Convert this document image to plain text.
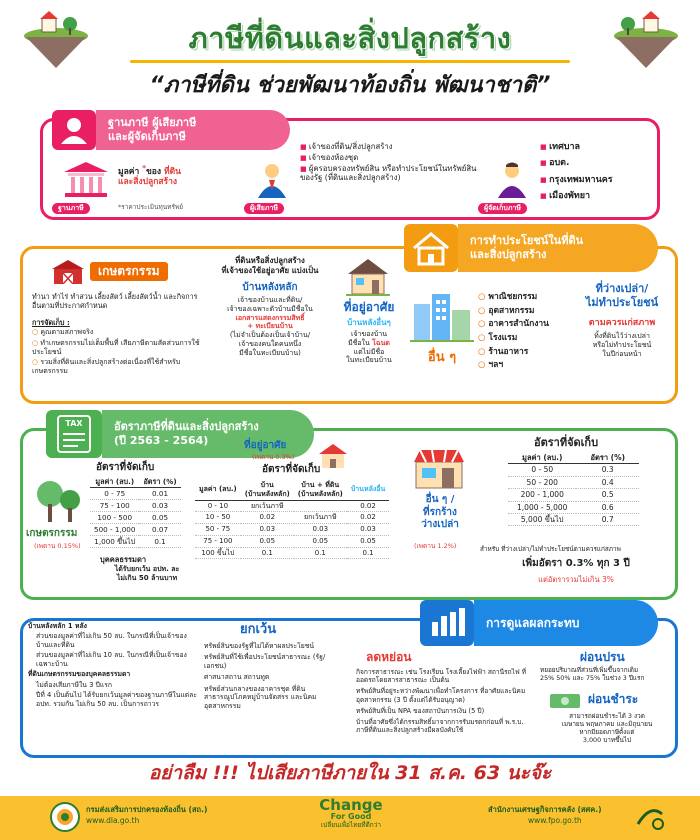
ภาษีที่ดินและสิ่งปลูกสร้าง
“ภาษีที่ดิน ช่วยพัฒนาท้องถิ่น พัฒนาชาติ”
ฐานภาษี ผู้เสียภาษี
และผู้จัดเก็บภาษี
ฐานภาษี
มูลค่า *ของ ที่ดิน
และสิ่งปลูกสร้าง
*ราคาประเมินทุนทรัพย์	ผู้เสียภาษี
■ เจ้าของที่ดิน/สิ่งปลูกสร้าง
■ เจ้าของห้องชุด
■ ผู้ครอบครองทรัพย์สิน หรือทำประโยชน์ในทรัพย์สิน ของรัฐ (ที่ดินและสิ่งปลูกสร้าง)
ผู้จัดเก็บภาษี
■ เทศบาล
■ อบต.
■ กรุงเทพมหานคร
■ เมืองพัทยา
การทำประโยชน์ในที่ดิน
และสิ่งปลูกสร้าง
เกษตรกรรม
ทำนา ทำไร่ ทำสวน เลี้ยงสัตว์ เลี้ยงสัตว์น้ำ และกิจการอื่นตามที่ประกาศกำหนด
การจัดเก็บ :
○ คูณตามสภาพจริง
○ ทำเกษตรกรรมไม่เต็มพื้นที่ เสียภาษีตามสัดส่วนการใช้ประโยชน์
○ รวมสิ่งที่ดินและสิ่งปลูกสร้างต่อเนื่องที่ใช้สำหรับเกษตรกรรม
ที่ดินหรือสิ่งปลูกสร้าง
ที่เจ้าของใช้อยู่อาศัย แบ่งเป็น
บ้านหลังหลัก
เจ้าของบ้านและที่ดิน/
เจ้าของเฉพาะตัวบ้านมีชื่อใน
เอกสารแสดงกรรมสิทธิ์
+ ทะเบียนบ้าน
(ไม่จำเป็นต้องเป็นเจ้าบ้าน/
เจ้าของคนใดคนหนึ่ง
มีชื่อในทะเบียนบ้าน)
ที่อยู่อาศัย
บ้านหลังอื่นๆ
เจ้าของบ้าน
มีชื่อใน โฉนด
แต่ไม่มีชื่อ
ในทะเบียนบ้าน	อื่น ๆ
○ พาณิชยกรรม
○ อุตสาหกรรม
○ อาคารสำนักงาน
○ โรงแรม
○ ร้านอาหาร
○ ฯลฯ
ที่ว่างเปล่า/
ไม่ทำประโยชน์
ตามควรแก่สภาพ
ทิ้งที่ดินไว้ว่างเปล่า
หรือไม่ทำประโยชน์
ในปีก่อนหน้า
TAX	อัตราภาษีที่ดินและสิ่งปลูกสร้าง
(ปี 2563 - 2564)
อัตราที่จัดเก็บ
มูลค่า (ลบ.)	อัตรา (%)
0 - 75	0.01
75 - 100	0.03
100 - 500	0.05
500 - 1,000	0.07
1,000 ขึ้นไป	0.1
เกษตรกรรม
(เพดาน 0.15%)
บุคคลธรรมดา
ได้รับยกเว้น อปท. ละ
ไม่เกิน 50 ล้านบาท
ที่อยู่อาศัย
(เพดาน 0.3%)
อัตราที่จัดเก็บ
มูลค่า (ลบ.)	บ้าน
(บ้านหลังหลัก)	บ้าน + ที่ดิน
(บ้านหลังหลัก)	บ้านหลังอื่น
0 - 10	ยกเว้นภาษี		0.02
10 - 50	0.02	ยกเว้นภาษี	0.02
50 - 75	0.03	0.03	0.03
75 - 100	0.05	0.05	0.05
100 ขึ้นไป	0.1	0.1	0.1
อื่น ๆ /
ที่รกร้าง
ว่างเปล่า
(เพดาน 1.2%)
อัตราที่จัดเก็บ
มูลค่า (ลบ.)	อัตรา (%)
0 - 50	0.3
50 - 200	0.4
200 - 1,000	0.5
1,000 - 5,000	0.6
5,000 ขึ้นไป	0.7
สำหรับ ที่ว่างเปล่า/ไม่ทำประโยชน์ตามควรแก่สภาพ
เพิ่มอัตรา 0.3% ทุก 3 ปี
แต่อัตรารวมไม่เกิน 3%
การดูแลผลกระทบ
บ้านหลังหลัก 1 หลัง
ส่วนของมูลค่าที่ไม่เกิน 50 ลบ. ในกรณีที่เป็นเจ้าของบ้านและที่ดิน
ส่วนของมูลค่าที่ไม่เกิน 10 ลบ. ในกรณีที่เป็นเจ้าของเฉพาะบ้าน
ที่ดินเกษตรกรรมของบุคคลธรรมดา
ไม่ต้องเสียภาษีใน 3 ปีแรก
ปีที่ 4 เป็นต้นไป ได้รับยกเว้นมูลค่าของฐานภาษีในแต่ละ อปท. รวมกัน ไม่เกิน 50 ลบ. เป็นการถาวร
ยกเว้น
ทรัพย์สินของรัฐที่ไม่ได้หาผลประโยชน์
ทรัพย์สินที่ใช้เพื่อประโยชน์สาธารณะ (รัฐ/เอกชน)
ศาสนาสถาน สถานทูต
ทรัพย์ส่วนกลางของอาคารชุด ที่ดินสาธารณูปโภคหมู่บ้านจัดสรร และนิคมอุตสาหกรรม
ลดหย่อน
กิจการสาธารณะ เช่น โรงเรียน โรงเลี้ยงไฟฟ้า สถานีรถไฟ ที่ออดรถโดยสารสาธารณะ เป็นต้น
ทรัพย์สินที่อยู่ระหว่างพัฒนาเพื่อทำโครงการ ที่อาศัยและนิคมอุตสาหกรรม (3 ปี ตั้งแต่ได้รับอนุญาต)
ทรัพย์สินที่เป็น NPA ของสถาบันการเงิน (5 ปี)
บ้านที่อาศัยซึ่งได้กรรมสิทธิ์มาจากการรับมรดกก่อนที่ พ.ร.บ. ภาษีที่ดินและสิ่งปลูกสร้างมีผลบังคับใช้
ผ่อนปรน
ทยอยปริมาณที่ส่วนที่เพิ่มขึ้นจากเดิม
25% 50% และ 75% ในช่วง 3 ปีแรก
ผ่อนชำระ
สามารถผ่อนชำระได้ 3 งวด
เมษายน พฤษภาคม และมิถุนายน
หากมียอดภาษีตั้งแต่
3,000 บาทขึ้นไป
อย่าลืม !!! ไปเสียภาษีภายใน 31 ส.ค. 63 นะจ๊ะ
กรมส่งเสริมการปกครองท้องถิ่น (สถ.)
www.dla.go.th
Change
For Good
เปลี่ยนเพื่อไทยที่ดีกว่า
สำนักงานเศรษฐกิจการคลัง (สศค.)
www.fpo.go.th
